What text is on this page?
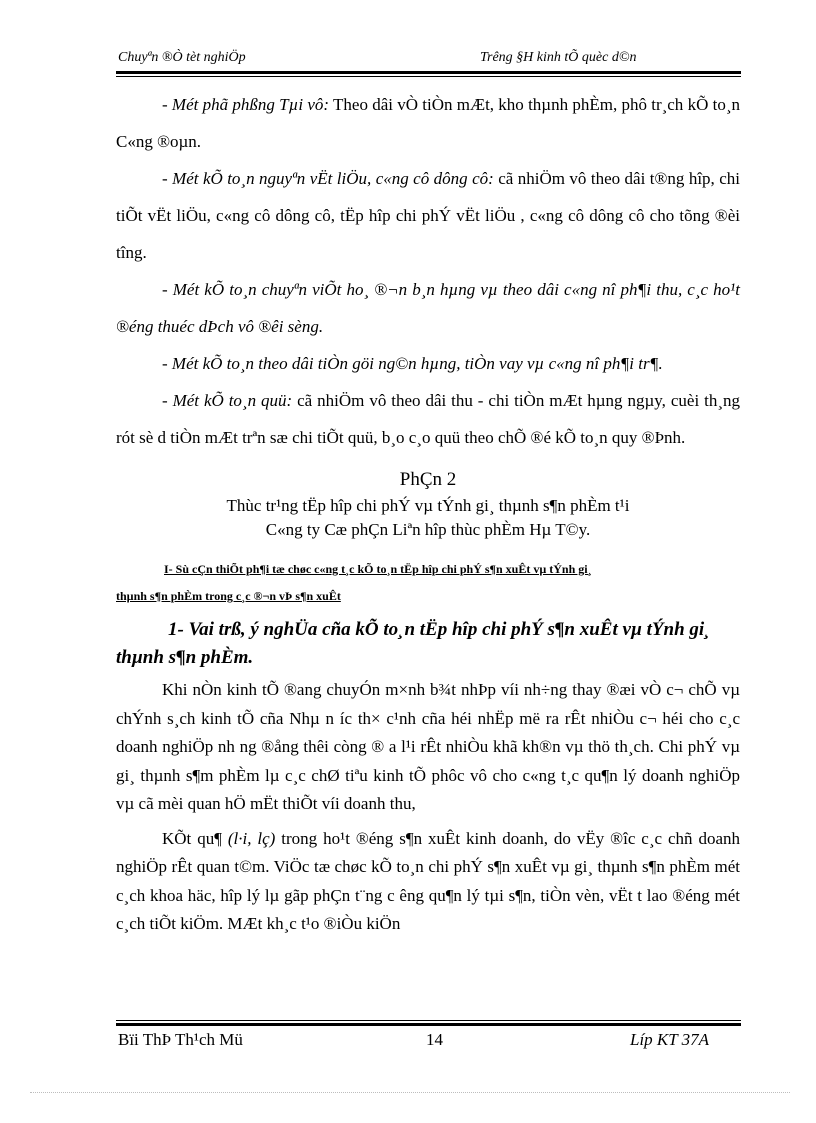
Chuyªn ®Ò tèt nghiÖp	Trêng §H kinh tÕ quèc d©n

- Mét phã phßng Tµi vô: Theo dâi vÒ tiÒn mÆt, kho thµnh phÈm, phô tr¸ch kÕ to¸n C«ng ®oµn.

- Mét kÕ to¸n nguyªn vËt liÖu, c«ng cô dông cô: cã nhiÖm vô theo dâi t®ng hîp, chi tiÕt vËt liÖu, c«ng cô dông cô, tËp hîp chi phÝ vËt liÖu , c«ng cô dông cô cho tõng ®èi tîng.

- Mét kÕ to¸n chuyªn viÕt ho¸ ®¬n b¸n hµng vµ theo dâi c«ng nî ph¶i thu, c¸c ho¹t ®éng thuéc dÞch vô ®êi sèng.

- Mét kÕ to¸n theo dâi tiÒn göi ng©n hµng, tiÒn vay vµ c«ng nî ph¶i tr¶.

- Mét kÕ to¸n quü: cã nhiÖm vô theo dâi thu - chi tiÒn mÆt hµng ngµy, cuèi th¸ng rót sè d tiÒn mÆt trªn sæ chi tiÕt quü, b¸o c¸o quü theo chÕ ®é kÕ to¸n quy ®Þnh.

PhÇn 2
Thùc tr¹ng tËp hîp chi phÝ vµ tÝnh gi¸ thµnh s¶n phÈm t¹i
C«ng ty Cæ phÇn Liªn hîp thùc phÈm Hµ T©y.
I- Sù cÇn thiÕt ph¶i tæ chøc c«ng t¸c kÕ to¸n tËp hîp chi phÝ s¶n xuÊt vµ tÝnh gi¸
thµnh s¶n phÈm trong c¸c ®¬n vÞ s¶n xuÊt
1- Vai trß, ý nghÜa cña kÕ to¸n tËp hîp chi phÝ s¶n xuÊt vµ tÝnh gi¸
thµnh s¶n phÈm.

Khi nÒn kinh tÕ ®ang chuyÓn m×nh b¾t nhÞp víi nh÷ng thay ®æi vÒ c¬ chÕ vµ chÝnh s¸ch kinh tÕ cña Nhµ n íc th× c¹nh cña héi nhËp më ra rÊt nhiÒu c¬ héi cho c¸c doanh nghiÖp nh ng ®ång thêi còng ® a l¹i rÊt nhiÒu khã kh®n vµ thö th¸ch. Chi phÝ vµ gi¸ thµnh s¶m phÈm lµ c¸c chØ tiªu kinh tÕ phôc vô cho c«ng t¸c qu¶n lý doanh nghiÖp vµ cã mèi quan hÖ mËt thiÕt víi doanh thu,

KÕt qu¶ (l·i, lç) trong ho¹t ®éng s¶n xuÊt kinh doanh, do vËy ®îc c¸c chñ doanh nghiÖp rÊt quan t©m. ViÖc tæ chøc kÕ to¸n chi phÝ s¶n xuÊt vµ gi¸ thµnh s¶n phÈm mét c¸ch khoa häc, hîp lý lµ gãp phÇn t¨ng c êng qu¶n lý tµi s¶n, tiÒn vèn, vËt t lao ®éng mét c¸ch tiÕt kiÖm. MÆt kh¸c t¹o ®iÒu kiÖn

Bïi ThÞ Th¹ch Mü	14	Líp KT 37A
